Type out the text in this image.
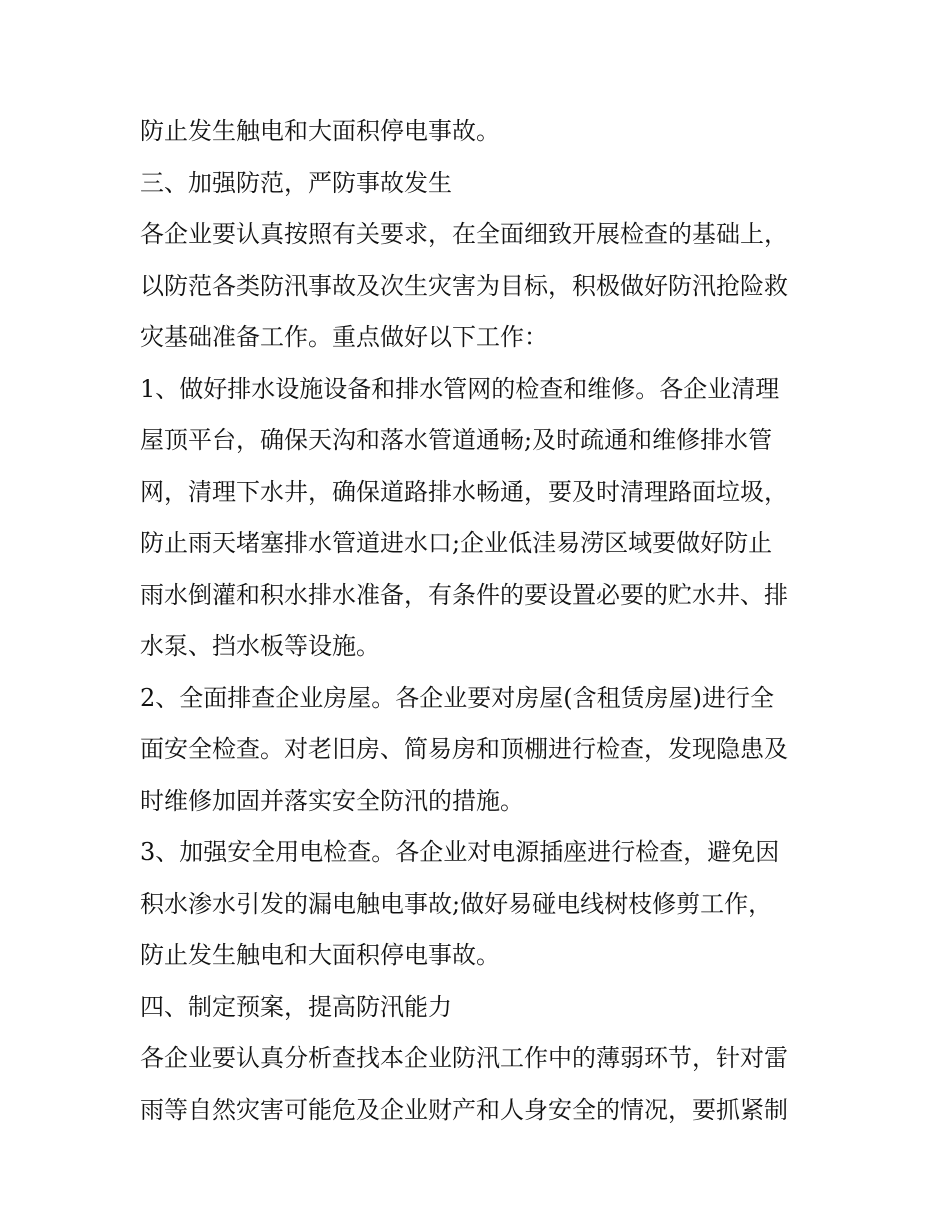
防止发生触电和大面积停电事故。
三、加强防范，严防事故发生
各企业要认真按照有关要求，在全面细致开展检查的基础上，
以防范各类防汛事故及次生灾害为目标，积极做好防汛抢险救
灾基础准备工作。重点做好以下工作：
1、做好排水设施设备和排水管网的检查和维修。各企业清理
屋顶平台，确保天沟和落水管道通畅;及时疏通和维修排水管
网，清理下水井，确保道路排水畅通，要及时清理路面垃圾，
防止雨天堵塞排水管道进水口;企业低洼易涝区域要做好防止
雨水倒灌和积水排水准备，有条件的要设置必要的贮水井、排
水泵、挡水板等设施。
2、全面排查企业房屋。各企业要对房屋(含租赁房屋)进行全
面安全检查。对老旧房、简易房和顶棚进行检查，发现隐患及
时维修加固并落实安全防汛的措施。
3、加强安全用电检查。各企业对电源插座进行检查，避免因
积水渗水引发的漏电触电事故;做好易碰电线树枝修剪工作，
防止发生触电和大面积停电事故。
四、制定预案，提高防汛能力
各企业要认真分析查找本企业防汛工作中的薄弱环节，针对雷
雨等自然灾害可能危及企业财产和人身安全的情况，要抓紧制
